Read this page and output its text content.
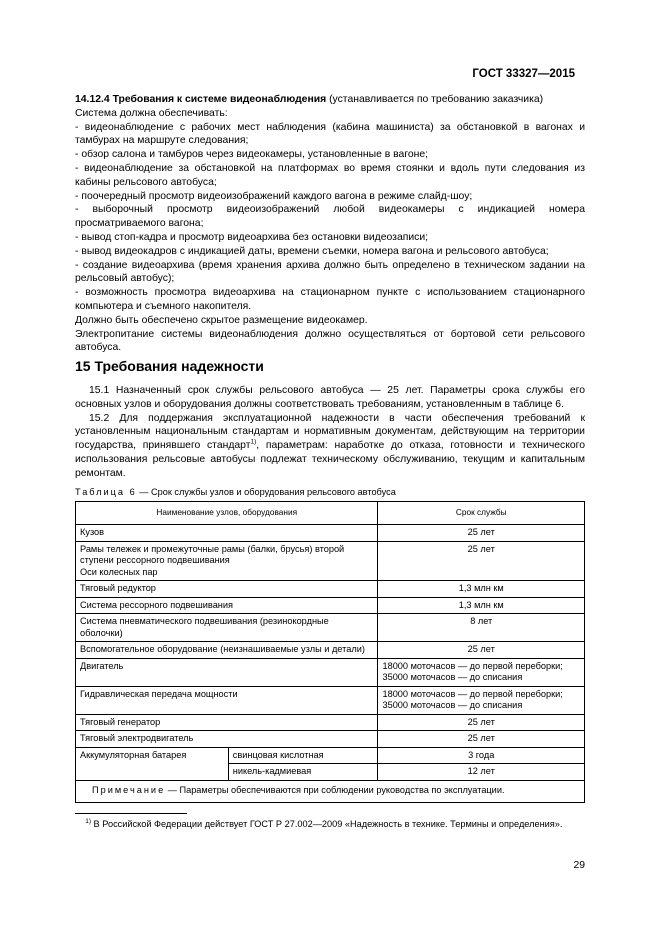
ГОСТ 33327—2015

14.12.4 Требования к системе видеонаблюдения (устанавливается по требованию заказчика)

Система должна обеспечивать:

- видеонаблюдение с рабочих мест наблюдения (кабина машиниста) за обстановкой в вагонах и тамбурах на маршруте следования;

- обзор салона и тамбуров через видеокамеры, установленные в вагоне;

- видеонаблюдение за обстановкой на платформах во время стоянки и вдоль пути следования из кабины рельсового автобуса;

- поочередный просмотр видеоизображений каждого вагона в режиме слайд-шоу;

- выборочный просмотр видеоизображений любой видеокамеры с индикацией номера просматриваемого вагона;

- вывод стоп-кадра и просмотр видеоархива без остановки видеозаписи;

- вывод видеокадров с индикацией даты, времени съемки, номера вагона и рельсового автобуса;

- создание видеоархива (время хранения архива должно быть определено в техническом задании на рельсовый автобус);

- возможность просмотра видеоархива на стационарном пункте с использованием стационарного компьютера и съемного накопителя.

Должно быть обеспечено скрытое размещение видеокамер.

Электропитание системы видеонаблюдения должно осуществляться от бортовой сети рельсового автобуса.

15 Требования надежности

15.1 Назначенный срок службы рельсового автобуса — 25 лет. Параметры срока службы его основных узлов и оборудования должны соответствовать требованиям, установленным в таблице 6.

15.2 Для поддержания эксплуатационной надежности в части обеспечения требований к установленным национальным стандартам и нормативным документам, действующим на территории государства, принявшего стандарт$^{1)}$, параметрам: наработке до отказа, готовности и технического использования рельсовые автобусы подлежат техническому обслуживанию, текущим и капитальным ремонтам.

Таблица 6 — Срок службы узлов и оборудования рельсового автобуса
Наименование узлов, оборудования		Срок службы
Кузов		25 лет

Рамы тележек и промежуточные рамы (балки, брусья) второй ступени рессорного подвешивания
Оси колесных пар		25 лет
Тяговый редуктор		1,3 млн км
Система рессорного подвешивания		1,3 млн км
Система пневматического подвешивания (резинокордные оболочки)		8 лет
Вспомогательное оборудование (неизнашиваемые узлы и детали)		25 лет
Двигатель		18000 моточасов — до первой переборки;
35000 моточасов — до списания

Гидравлическая передача мощности		18000 моточасов — до первой переборки;
35000 моточасов — до списания

Тяговый генератор		25 лет
Тяговый электродвигатель		25 лет
Аккумуляторная батарея	свинцовая кислотная	3 года
	никель-кадмиевая	12 лет
Примечание — Параметры обеспечиваются при соблюдении руководства по эксплуатации.		
$^{1)}$ В Российской Федерации действует ГОСТ Р 27.002—2009 «Надежность в технике. Термины и определения».
29
